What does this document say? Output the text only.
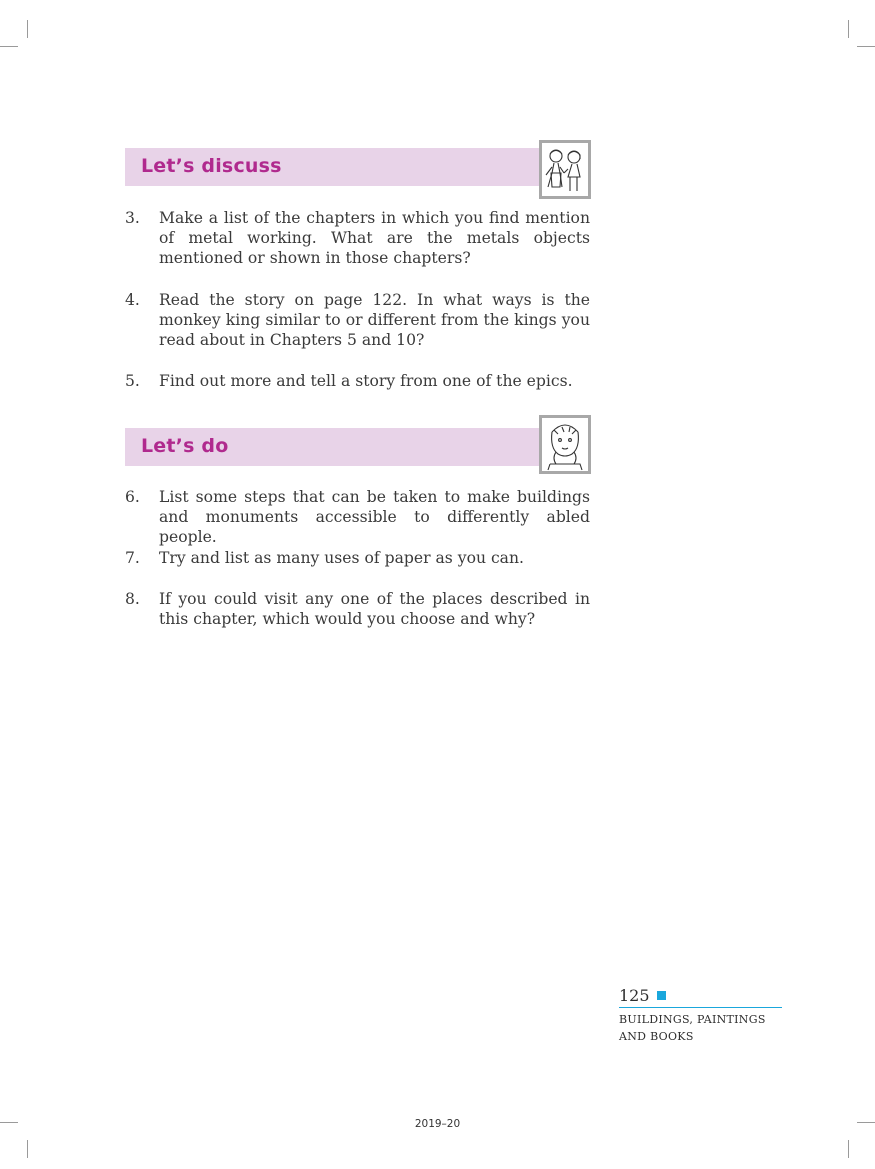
Let’s discuss
3.	Make a list of the chapters in which you find mention of metal working. What are the metals objects mentioned or shown in those chapters?
4.	Read the story on page 122. In what ways is the monkey king similar to or different from the kings you read about in Chapters 5 and 10?
5.	Find out more and tell a story from one of the epics.
Let’s do
6.	List some steps that can be taken to make buildings and monuments accessible to differently abled people.
7.	Try and list as many uses of paper as you can.
8.	If you could visit any one of the places described in this chapter, which would you choose and why?
125
BUILDINGS, PAINTINGS
AND BOOKS
2019–20
